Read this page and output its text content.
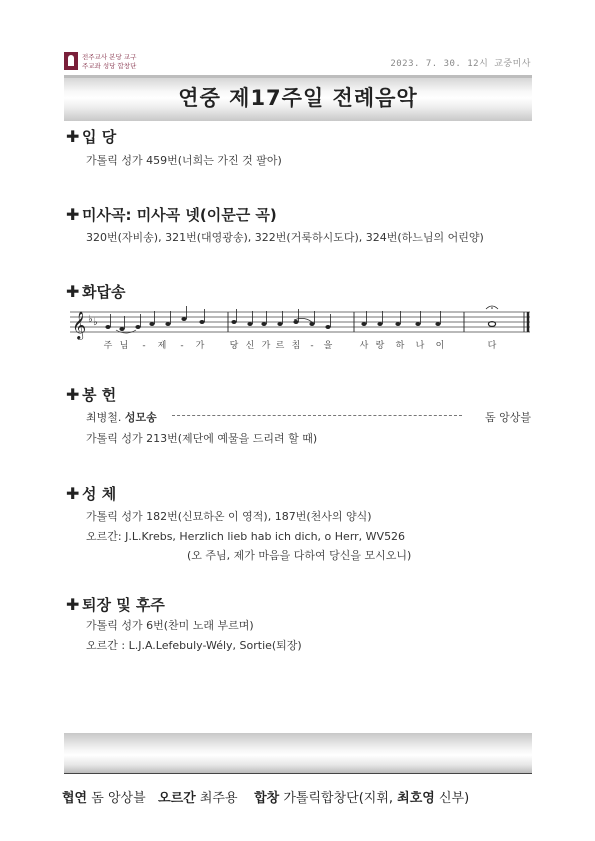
전주교사 본당 교구
주교좌 성당 합창단	2023. 7. 30. 12시 교중미사
연중 제17주일 전례음악
✚ 입 당
가톨릭 성가 459번(너희는 가진 것 팔아)
✚ 미사곡: 미사곡 넷(이문근 곡)
320번(자비송), 321번(대영광송), 322번(거룩하시도다), 324번(하느님의 어린양)
✚ 화답송
𝄞 ♭ ♭
주 님 - 제 - 가	당 신 가 르 침 - 을	사 랑 하 나 이	다
✚ 봉 헌
최병철. 성모송	돔 앙상블
가톨릭 성가 213번(제단에 예물을 드리려 할 때)
✚ 성 체
가톨릭 성가 182번(신묘하온 이 영적), 187번(천사의 양식)
오르간: J.L.Krebs, Herzlich lieb hab ich dich, o Herr, WV526
(오 주님, 제가 마음을 다하여 당신을 모시오니)
✚ 퇴장 및 후주
가톨릭 성가 6번(찬미 노래 부르며)
오르간 : L.J.A.Lefebuly-Wély, Sortie(퇴장)
협연 돔 앙상블 오르간 최주용 합창 가톨릭합창단(지휘, 최호영 신부)
